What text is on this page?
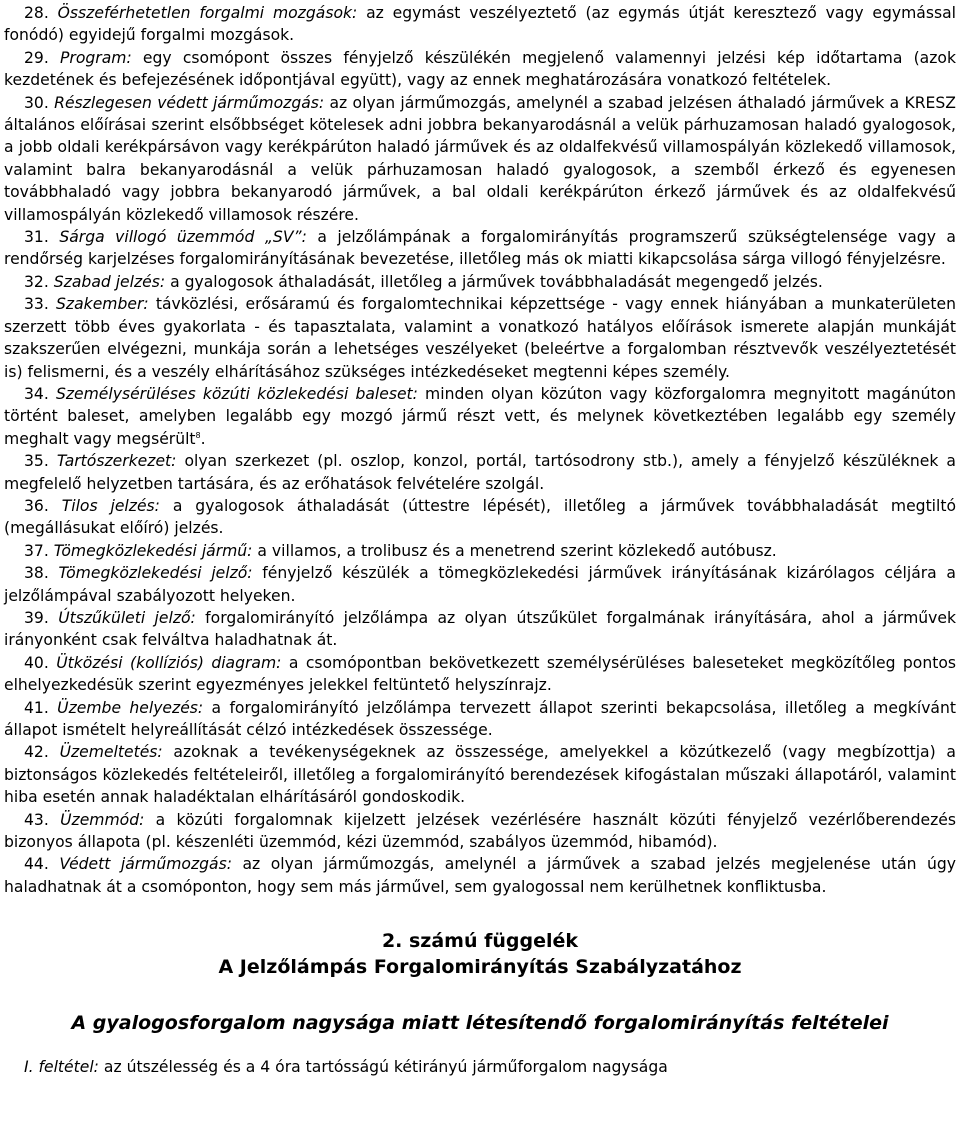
28. Összeférhetetlen forgalmi mozgások: az egymást veszélyeztető (az egymás útját keresztező vagy egymással fonódó) egyidejű forgalmi mozgások.

29. Program: egy csomópont összes fényjelző készülékén megjelenő valamennyi jelzési kép időtartama (azok kezdetének és befejezésének időpontjával együtt), vagy az ennek meghatározására vonatkozó feltételek.

30. Részlegesen védett járműmozgás: az olyan járműmozgás, amelynél a szabad jelzésen áthaladó járművek a KRESZ általános előírásai szerint elsőbbséget kötelesek adni jobbra bekanyarodásnál a velük párhuzamosan haladó gyalogosok, a jobb oldali kerékpársávon vagy kerékpárúton haladó járművek és az oldalfekvésű villamospályán közlekedő villamosok, valamint balra bekanyarodásnál a velük párhuzamosan haladó gyalogosok, a szemből érkező és egyenesen továbbhaladó vagy jobbra bekanyarodó járművek, a bal oldali kerékpárúton érkező járművek és az oldalfekvésű villamospályán közlekedő villamosok részére.

31. Sárga villogó üzemmód „SV”: a jelzőlámpának a forgalomirányítás programszerű szükségtelensége vagy a rendőrség karjelzéses forgalomirányításának bevezetése, illetőleg más ok miatti kikapcsolása sárga villogó fényjelzésre.

32. Szabad jelzés: a gyalogosok áthaladását, illetőleg a járművek továbbhaladását megengedő jelzés.

33. Szakember: távközlési, erősáramú és forgalomtechnikai képzettsége - vagy ennek hiányában a munkaterületen szerzett több éves gyakorlata - és tapasztalata, valamint a vonatkozó hatályos előírások ismerete alapján munkáját szakszerűen elvégezni, munkája során a lehetséges veszélyeket (beleértve a forgalomban résztvevők veszélyeztetését is) felismerni, és a veszély elhárításához szükséges intézkedéseket megtenni képes személy.

34. Személysérüléses közúti közlekedési baleset: minden olyan közúton vagy közforgalomra megnyitott magánúton történt baleset, amelyben legalább egy mozgó jármű részt vett, és melynek következtében legalább egy személy meghalt vagy megsérült$^8$.

35. Tartószerkezet: olyan szerkezet (pl. oszlop, konzol, portál, tartósodrony stb.), amely a fényjelző készüléknek a megfelelő helyzetben tartására, és az erőhatások felvételére szolgál.

36. Tilos jelzés: a gyalogosok áthaladását (úttestre lépését), illetőleg a járművek továbbhaladását megtiltó (megállásukat előíró) jelzés.

37. Tömegközlekedési jármű: a villamos, a trolibusz és a menetrend szerint közlekedő autóbusz.

38. Tömegközlekedési jelző: fényjelző készülék a tömegközlekedési járművek irányításának kizárólagos céljára a jelzőlámpával szabályozott helyeken.

39. Útszűkületi jelző: forgalomirányító jelzőlámpa az olyan útszűkület forgalmának irányítására, ahol a járművek irányonként csak felváltva haladhatnak át.

40. Ütközési (kollíziós) diagram: a csomópontban bekövetkezett személysérüléses baleseteket megközítőleg pontos elhelyezkedésük szerint egyezményes jelekkel feltüntető helyszínrajz.

41. Üzembe helyezés: a forgalomirányító jelzőlámpa tervezett állapot szerinti bekapcsolása, illetőleg a megkívánt állapot ismételt helyreállítását célzó intézkedések összessége.

42. Üzemeltetés: azoknak a tevékenységeknek az összessége, amelyekkel a közútkezelő (vagy megbízottja) a biztonságos közlekedés feltételeiről, illetőleg a forgalomirányító berendezések kifogástalan műszaki állapotáról, valamint hiba esetén annak haladéktalan elhárításáról gondoskodik.

43. Üzemmód: a közúti forgalomnak kijelzett jelzések vezérlésére használt közúti fényjelző vezérlőberendezés bizonyos állapota (pl. készenléti üzemmód, kézi üzemmód, szabályos üzemmód, hibamód).

44. Védett járműmozgás: az olyan járműmozgás, amelynél a járművek a szabad jelzés megjelenése után úgy haladhatnak át a csomóponton, hogy sem más járművel, sem gyalogossal nem kerülhetnek konfliktusba.

2. számú függelék

A Jelzőlámpás Forgalomirányítás Szabályzatához

A gyalogosforgalom nagysága miatt létesítendő forgalomirányítás feltételei

I. feltétel: az útszélesség és a 4 óra tartósságú kétirányú járműforgalom nagysága
